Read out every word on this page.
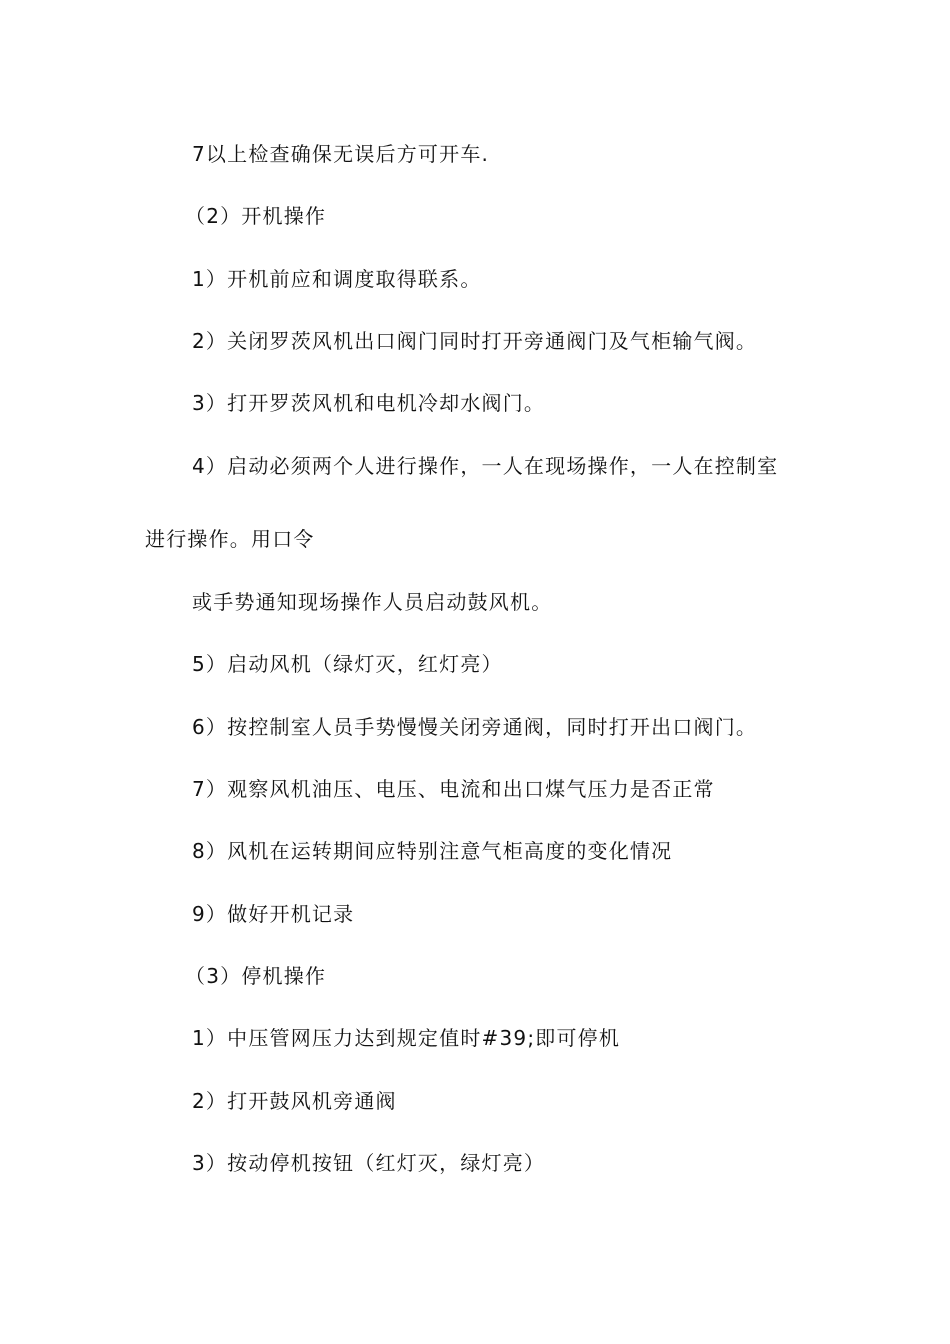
7以上检查确保无误后方可开车.
（2）开机操作
1）开机前应和调度取得联系。
2）关闭罗茨风机出口阀门同时打开旁通阀门及气柜输气阀。
3）打开罗茨风机和电机冷却水阀门。
4）启动必须两个人进行操作，一人在现场操作，一人在控制室
进行操作。用口令
或手势通知现场操作人员启动鼓风机。
5）启动风机（绿灯灭，红灯亮）
6）按控制室人员手势慢慢关闭旁通阀，同时打开出口阀门。
7）观察风机油压、电压、电流和出口煤气压力是否正常
8）风机在运转期间应特别注意气柜高度的变化情况
9）做好开机记录
（3）停机操作
1）中压管网压力达到规定值时#39;即可停机
2）打开鼓风机旁通阀
3）按动停机按钮（红灯灭，绿灯亮）
